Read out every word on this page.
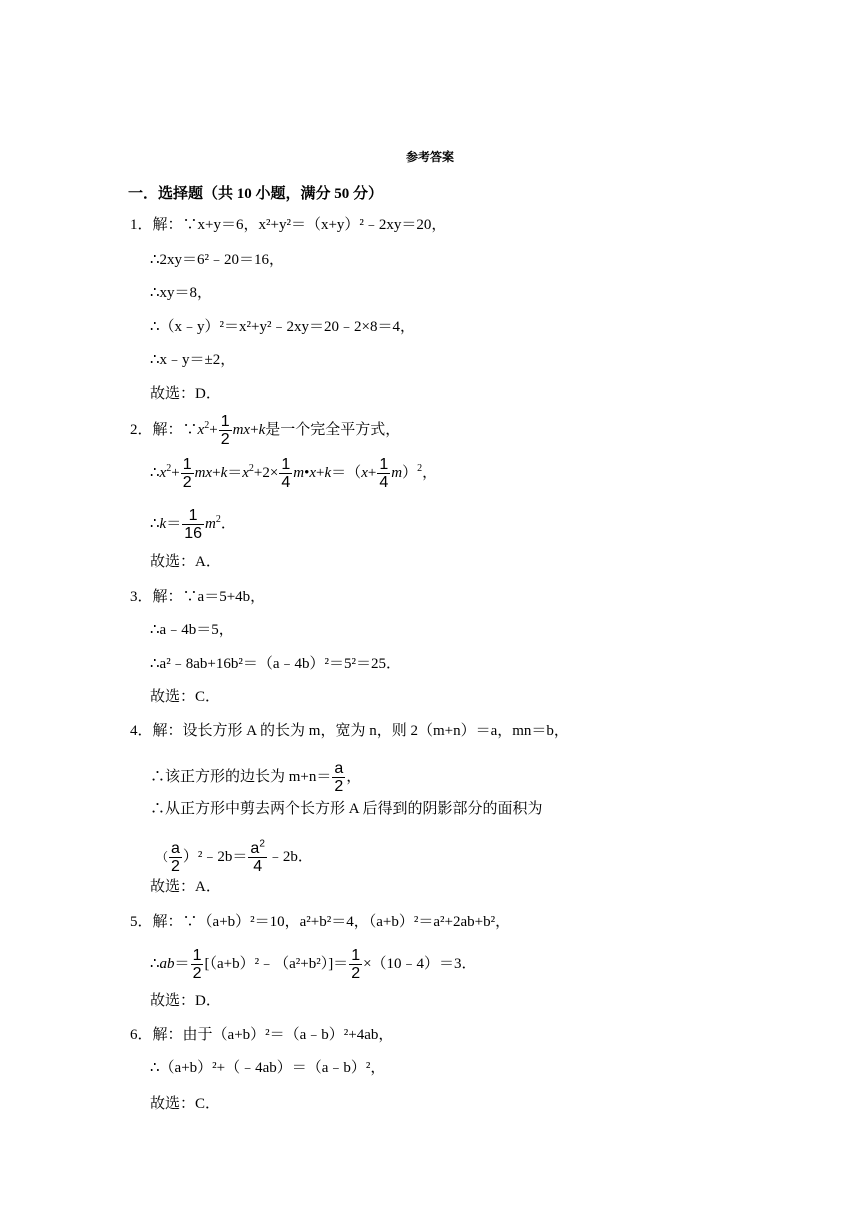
参考答案
一．选择题（共 10 小题，满分 50 分）
1．解：∵x+y＝6，x²+y²＝（x+y）²﹣2xy＝20，
∴2xy＝6²﹣20＝16，
∴xy＝8，
∴（x﹣y）²＝x²+y²﹣2xy＝20﹣2×8＝4，
∴x﹣y＝±2，
故选：D．
2．解：$\because x^2+ \frac{1}{2} mx+k$是一个完全平方式，
$\therefore x^2+ \frac{1}{2} mx+k=x^2+2\times \frac{1}{4}$ m•x+k＝（x+ $\frac{1}{4} m)^2$，
∴k＝ $\frac{1}{16} m^2$．
故选：A．
3．解：∵a＝5+4b，
∴a﹣4b＝5，
∴a²﹣8ab+16b²＝（a﹣4b）²＝5²＝25．
故选：C．
4．解：设长方形 A 的长为 m，宽为 n，则 2（m+n）＝a，mn＝b，
∴该正方形的边长为 $m+n= \frac{a}{2}$ ，
∴从正方形中剪去两个长方形 A 后得到的阴影部分的面积为
（ $\frac{a}{2}$ ）²﹣2b＝ $\frac{a^2}{4}$ ﹣2b．
故选：A．
5．解：∵（a+b）²＝10，a²+b²＝4，（a+b）²＝a²+2ab+b²，
∴ab＝ $\frac{1}{2}$ [（a+b）²﹣（a²+b²）]＝ $\frac{1}{2}$ ×（10﹣4）＝3．
故选：D．
6．解：由于（a+b）²＝（a﹣b）²+4ab，
∴（a+b）²+（﹣4ab）＝（a﹣b）²，
故选：C．
